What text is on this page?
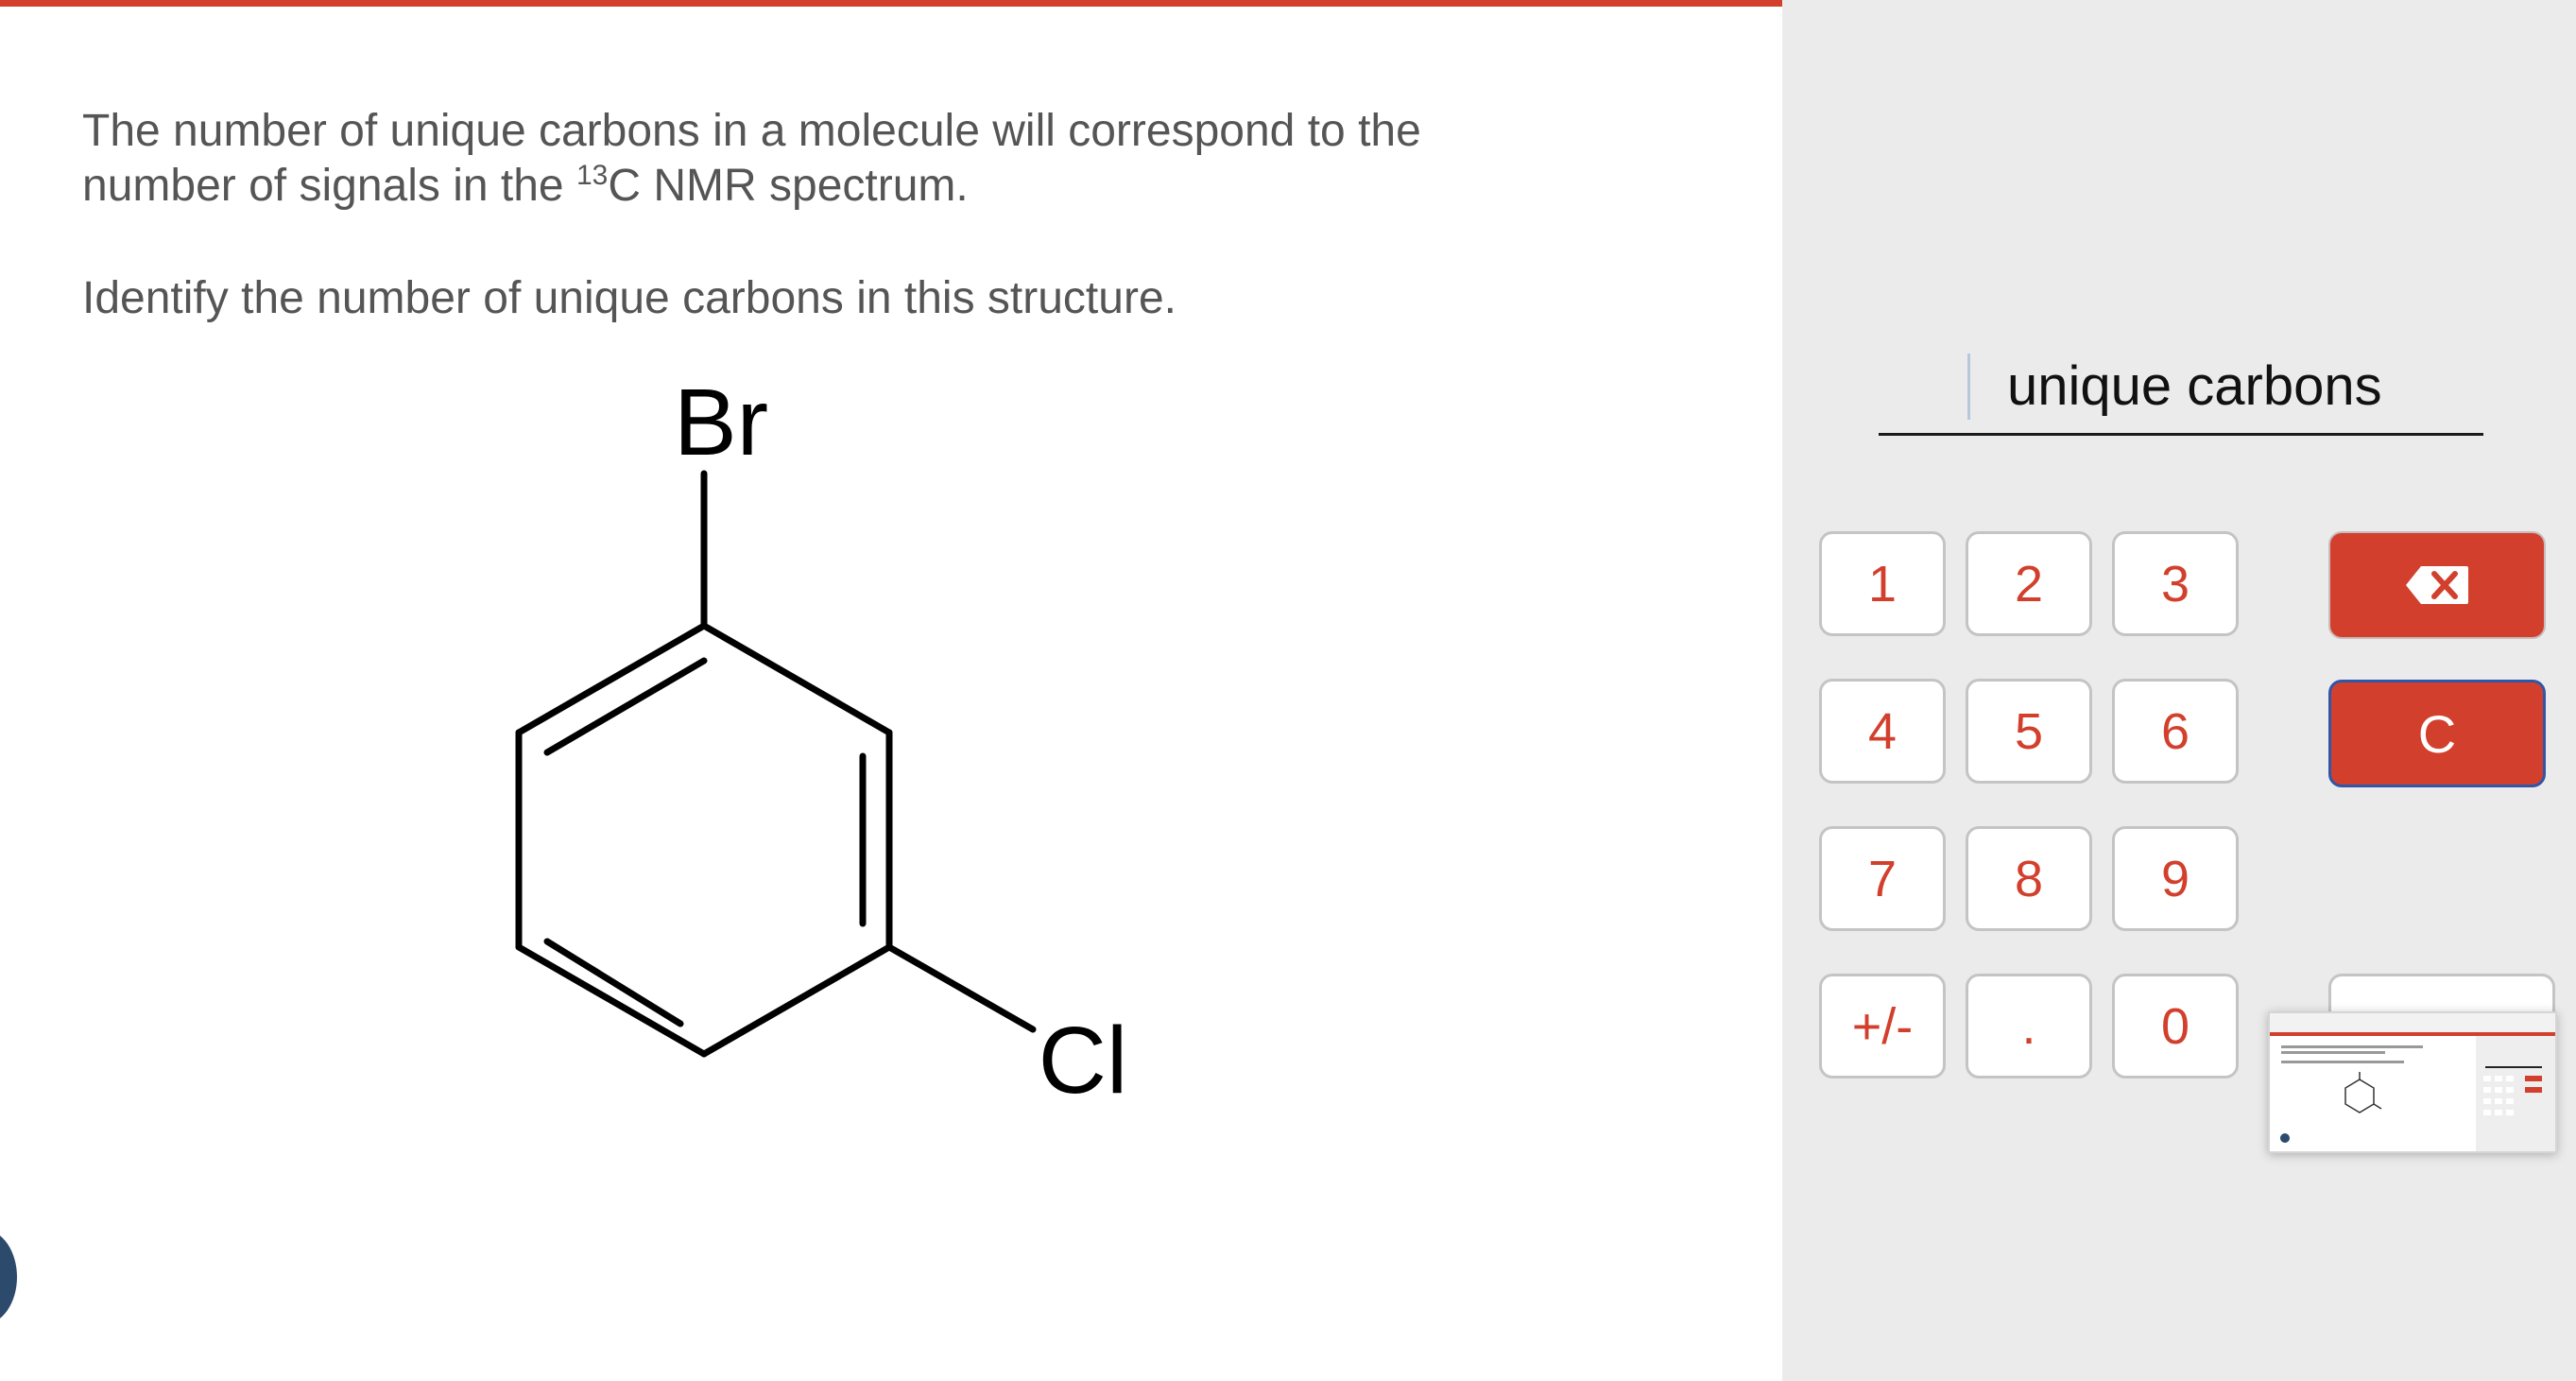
The number of unique carbons in a molecule will correspond to the
number of signals in the $^{13}$C NMR spectrum.
Identify the number of unique carbons in this structure.
Br
Cl
unique carbons
1	2	3
4	5	6
7	8	9
+/-	.	0
C
